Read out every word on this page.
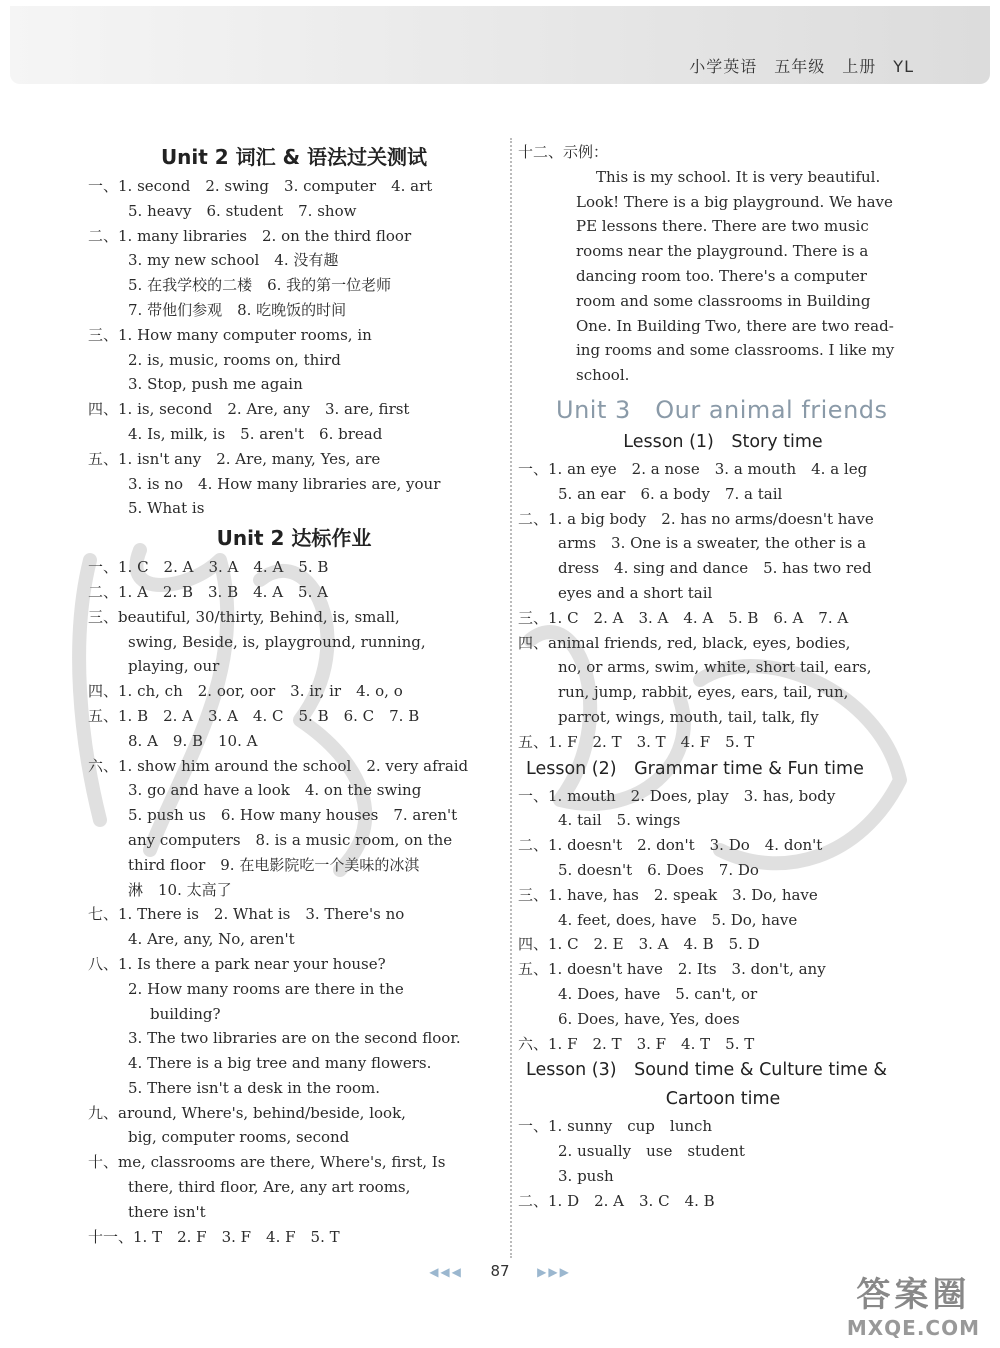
小学英语　五年级　上册　YL
Unit 2 词汇 & 语法过关测试
一、1. second　2. swing　3. computer　4. art
5. heavy　6. student　7. show
二、1. many libraries　2. on the third floor
3. my new school　4. 没有趣
5. 在我学校的二楼　6. 我的第一位老师
7. 带他们参观　8. 吃晚饭的时间
三、1. How many computer rooms, in
2. is, music, rooms on, third
3. Stop, push me again
四、1. is, second　2. Are, any　3. are, first
4. Is, milk, is　5. aren't　6. bread
五、1. isn't any　2. Are, many, Yes, are
3. is no　4. How many libraries are, your
5. What is
Unit 2 达标作业
一、1. C　2. A　3. A　4. A　5. B
二、1. A　2. B　3. B　4. A　5. A
三、beautiful, 30/thirty, Behind, is, small,
swing, Beside, is, playground, running,
playing, our
四、1. ch, ch　2. oor, oor　3. ir, ir　4. o, o
五、1. B　2. A　3. A　4. C　5. B　6. C　7. B
8. A　9. B　10. A
六、1. show him around the school　2. very afraid
3. go and have a look　4. on the swing
5. push us　6. How many houses　7. aren't
any computers　8. is a music room, on the
third floor　9. 在电影院吃一个美味的冰淇
淋　10. 太高了
七、1. There is　2. What is　3. There's no
4. Are, any, No, aren't
八、1. Is there a park near your house?
2. How many rooms are there in the
building?
3. The two libraries are on the second floor.
4. There is a big tree and many flowers.
5. There isn't a desk in the room.
九、around, Where's, behind/beside, look,
big, computer rooms, second
十、me, classrooms are there, Where's, first, Is
there, third floor, Are, any art rooms,
there isn't
十一、1. T　2. F　3. F　4. F　5. T
十二、示例：
This is my school. It is very beautiful.
Look! There is a big playground. We have
PE lessons there. There are two music
rooms near the playground. There is a
dancing room too. There's a computer
room and some classrooms in Building
One. In Building Two, there are two read-
ing rooms and some classrooms. I like my
school.
Unit 3　Our animal friends
Lesson (1)　Story time
一、1. an eye　2. a nose　3. a mouth　4. a leg
5. an ear　6. a body　7. a tail
二、1. a big body　2. has no arms/doesn't have
arms　3. One is a sweater, the other is a
dress　4. sing and dance　5. has two red
eyes and a short tail
三、1. C　2. A　3. A　4. A　5. B　6. A　7. A
四、animal friends, red, black, eyes, bodies,
no, or arms, swim, white, short tail, ears,
run, jump, rabbit, eyes, ears, tail, run,
parrot, wings, mouth, tail, talk, fly
五、1. F　2. T　3. T　4. F　5. T
Lesson (2)　Grammar time & Fun time
一、1. mouth　2. Does, play　3. has, body
4. tail　5. wings
二、1. doesn't　2. don't　3. Do　4. don't
5. doesn't　6. Does　7. Do
三、1. have, has　2. speak　3. Do, have
4. feet, does, have　5. Do, have
四、1. C　2. E　3. A　4. B　5. D
五、1. doesn't have　2. Its　3. don't, any
4. Does, have　5. can't, or
6. Does, have, Yes, does
六、1. F　2. T　3. F　4. T　5. T
Lesson (3)　Sound time & Culture time &
Cartoon time
一、1. sunny　cup　lunch
2. usually　use　student
3. push
二、1. D　2. A　3. C　4. B
◀◀◀ 87 ▶▶▶
答案圈
MXQE.COM
